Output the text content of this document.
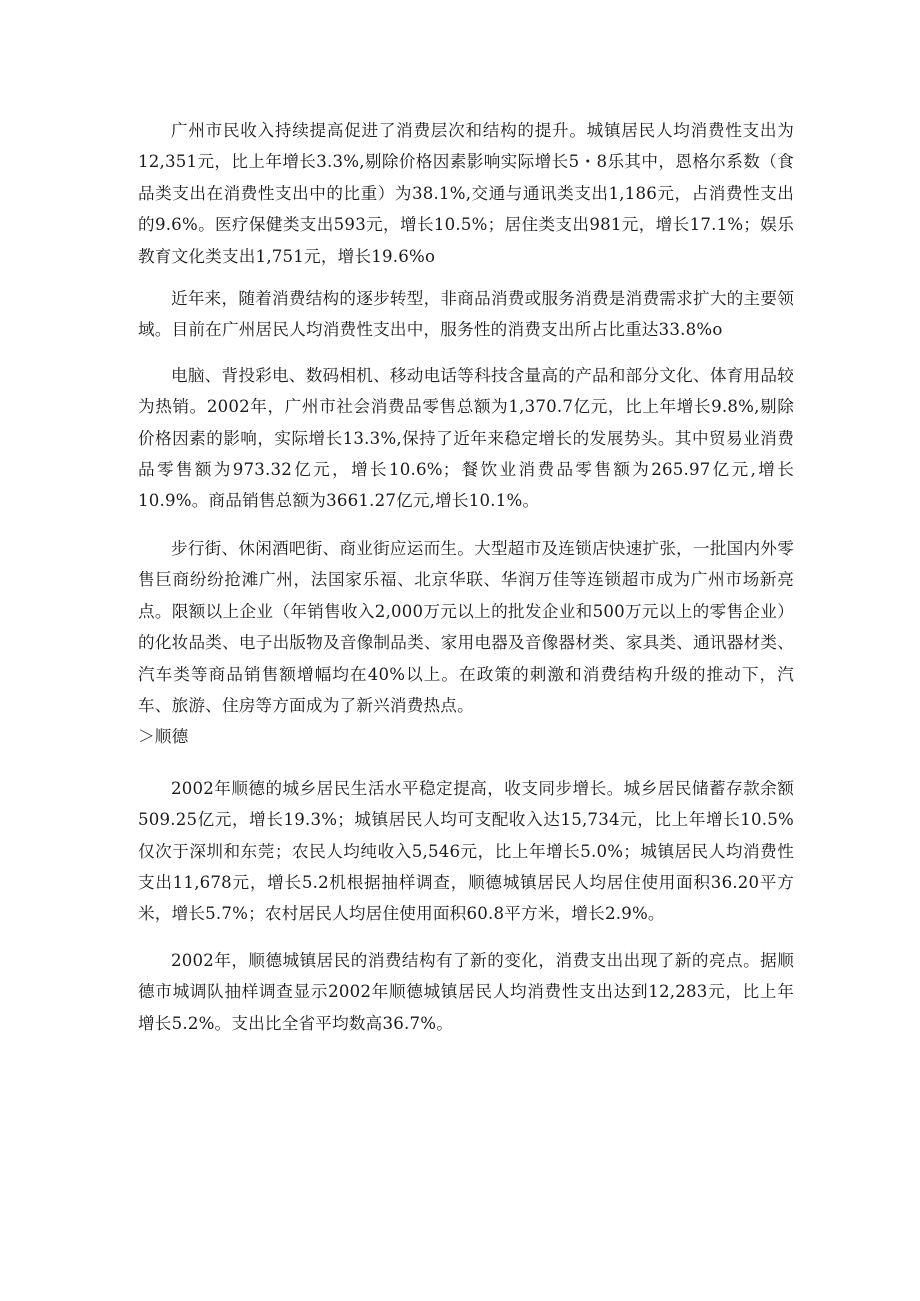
广州市民收入持续提高促进了消费层次和结构的提升。城镇居民人均消费性支出为12,351元，比上年增长3.3%,剔除价格因素影响实际增长5・8乐其中，恩格尔系数（食品类支出在消费性支出中的比重）为38.1%,交通与通讯类支出1,186元，占消费性支出的9.6%。医疗保健类支出593元，增长10.5%；居住类支出981元，增长17.1%；娱乐教育文化类支出1,751元，增长19.6%o

近年来，随着消费结构的逐步转型，非商品消费或服务消费是消费需求扩大的主要领域。目前在广州居民人均消费性支出中，服务性的消费支出所占比重达33.8%o

电脑、背投彩电、数码相机、移动电话等科技含量高的产品和部分文化、体育用品较为热销。2002年，广州市社会消费品零售总额为1,370.7亿元，比上年增长9.8%,剔除价格因素的影响，实际增长13.3%,保持了近年来稳定增长的发展势头。其中贸易业消费品零售额为973.32亿元，增长10.6%；餐饮业消费品零售额为265.97亿元,增长10.9%。商品销售总额为3661.27亿元,增长10.1%。

步行街、休闲酒吧街、商业街应运而生。大型超市及连锁店快速扩张，一批国内外零售巨商纷纷抢滩广州，法国家乐福、北京华联、华润万佳等连锁超市成为广州市场新亮点。限额以上企业（年销售收入2,000万元以上的批发企业和500万元以上的零售企业）的化妆品类、电子出版物及音像制品类、家用电器及音像器材类、家具类、通讯器材类、汽车类等商品销售额增幅均在40%以上。在政策的刺激和消费结构升级的推动下，汽车、旅游、住房等方面成为了新兴消费热点。

＞顺德

2002年顺德的城乡居民生活水平稳定提高，收支同步增长。城乡居民储蓄存款余额509.25亿元，增长19.3%；城镇居民人均可支配收入达15,734元，比上年增长10.5%仅次于深圳和东莞；农民人均纯收入5,546元，比上年增长5.0%；城镇居民人均消费性支出11,678元，增长5.2机根据抽样调查，顺德城镇居民人均居住使用面积36.20平方米，增长5.7%；农村居民人均居住使用面积60.8平方米，增长2.9%。

2002年，顺德城镇居民的消费结构有了新的变化，消费支出出现了新的亮点。据顺德市城调队抽样调查显示2002年顺德城镇居民人均消费性支出达到12,283元，比上年增长5.2%。支出比全省平均数高36.7%。
